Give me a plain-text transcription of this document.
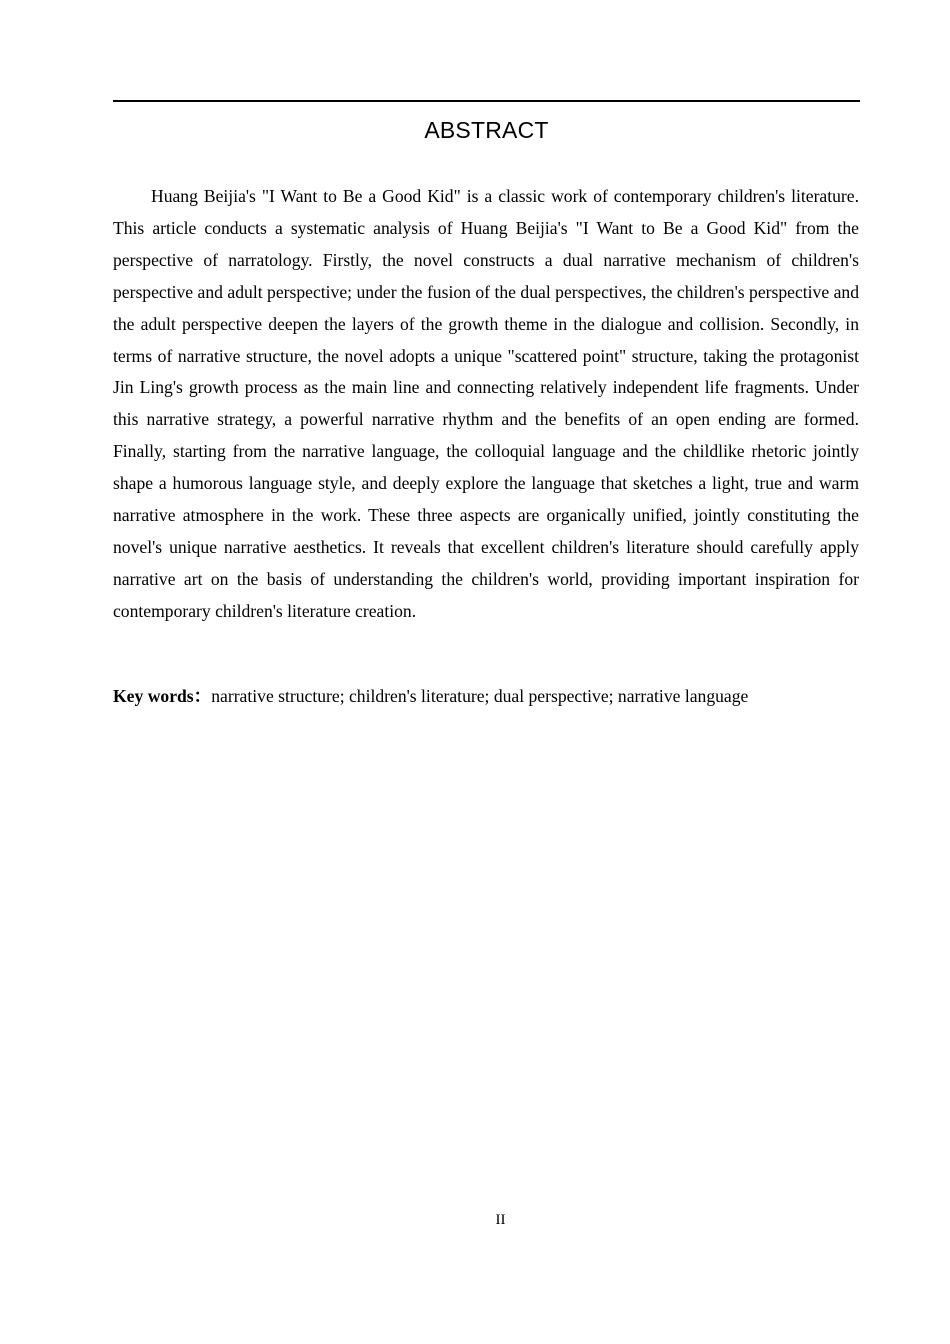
ABSTRACT

Huang Beijia's "I Want to Be a Good Kid" is a classic work of contemporary children's literature. This article conducts a systematic analysis of Huang Beijia's "I Want to Be a Good Kid" from the perspective of narratology. Firstly, the novel constructs a dual narrative mechanism of children's perspective and adult perspective; under the fusion of the dual perspectives, the children's perspective and the adult perspective deepen the layers of the growth theme in the dialogue and collision. Secondly, in terms of narrative structure, the novel adopts a unique "scattered point" structure, taking the protagonist Jin Ling's growth process as the main line and connecting relatively independent life fragments. Under this narrative strategy, a powerful narrative rhythm and the benefits of an open ending are formed. Finally, starting from the narrative language, the colloquial language and the childlike rhetoric jointly shape a humorous language style, and deeply explore the language that sketches a light, true and warm narrative atmosphere in the work. These three aspects are organically unified, jointly constituting the novel's unique narrative aesthetics. It reveals that excellent children's literature should carefully apply narrative art on the basis of understanding the children's world, providing important inspiration for contemporary children's literature creation.

Key words：narrative structure; children's literature; dual perspective; narrative language

II
